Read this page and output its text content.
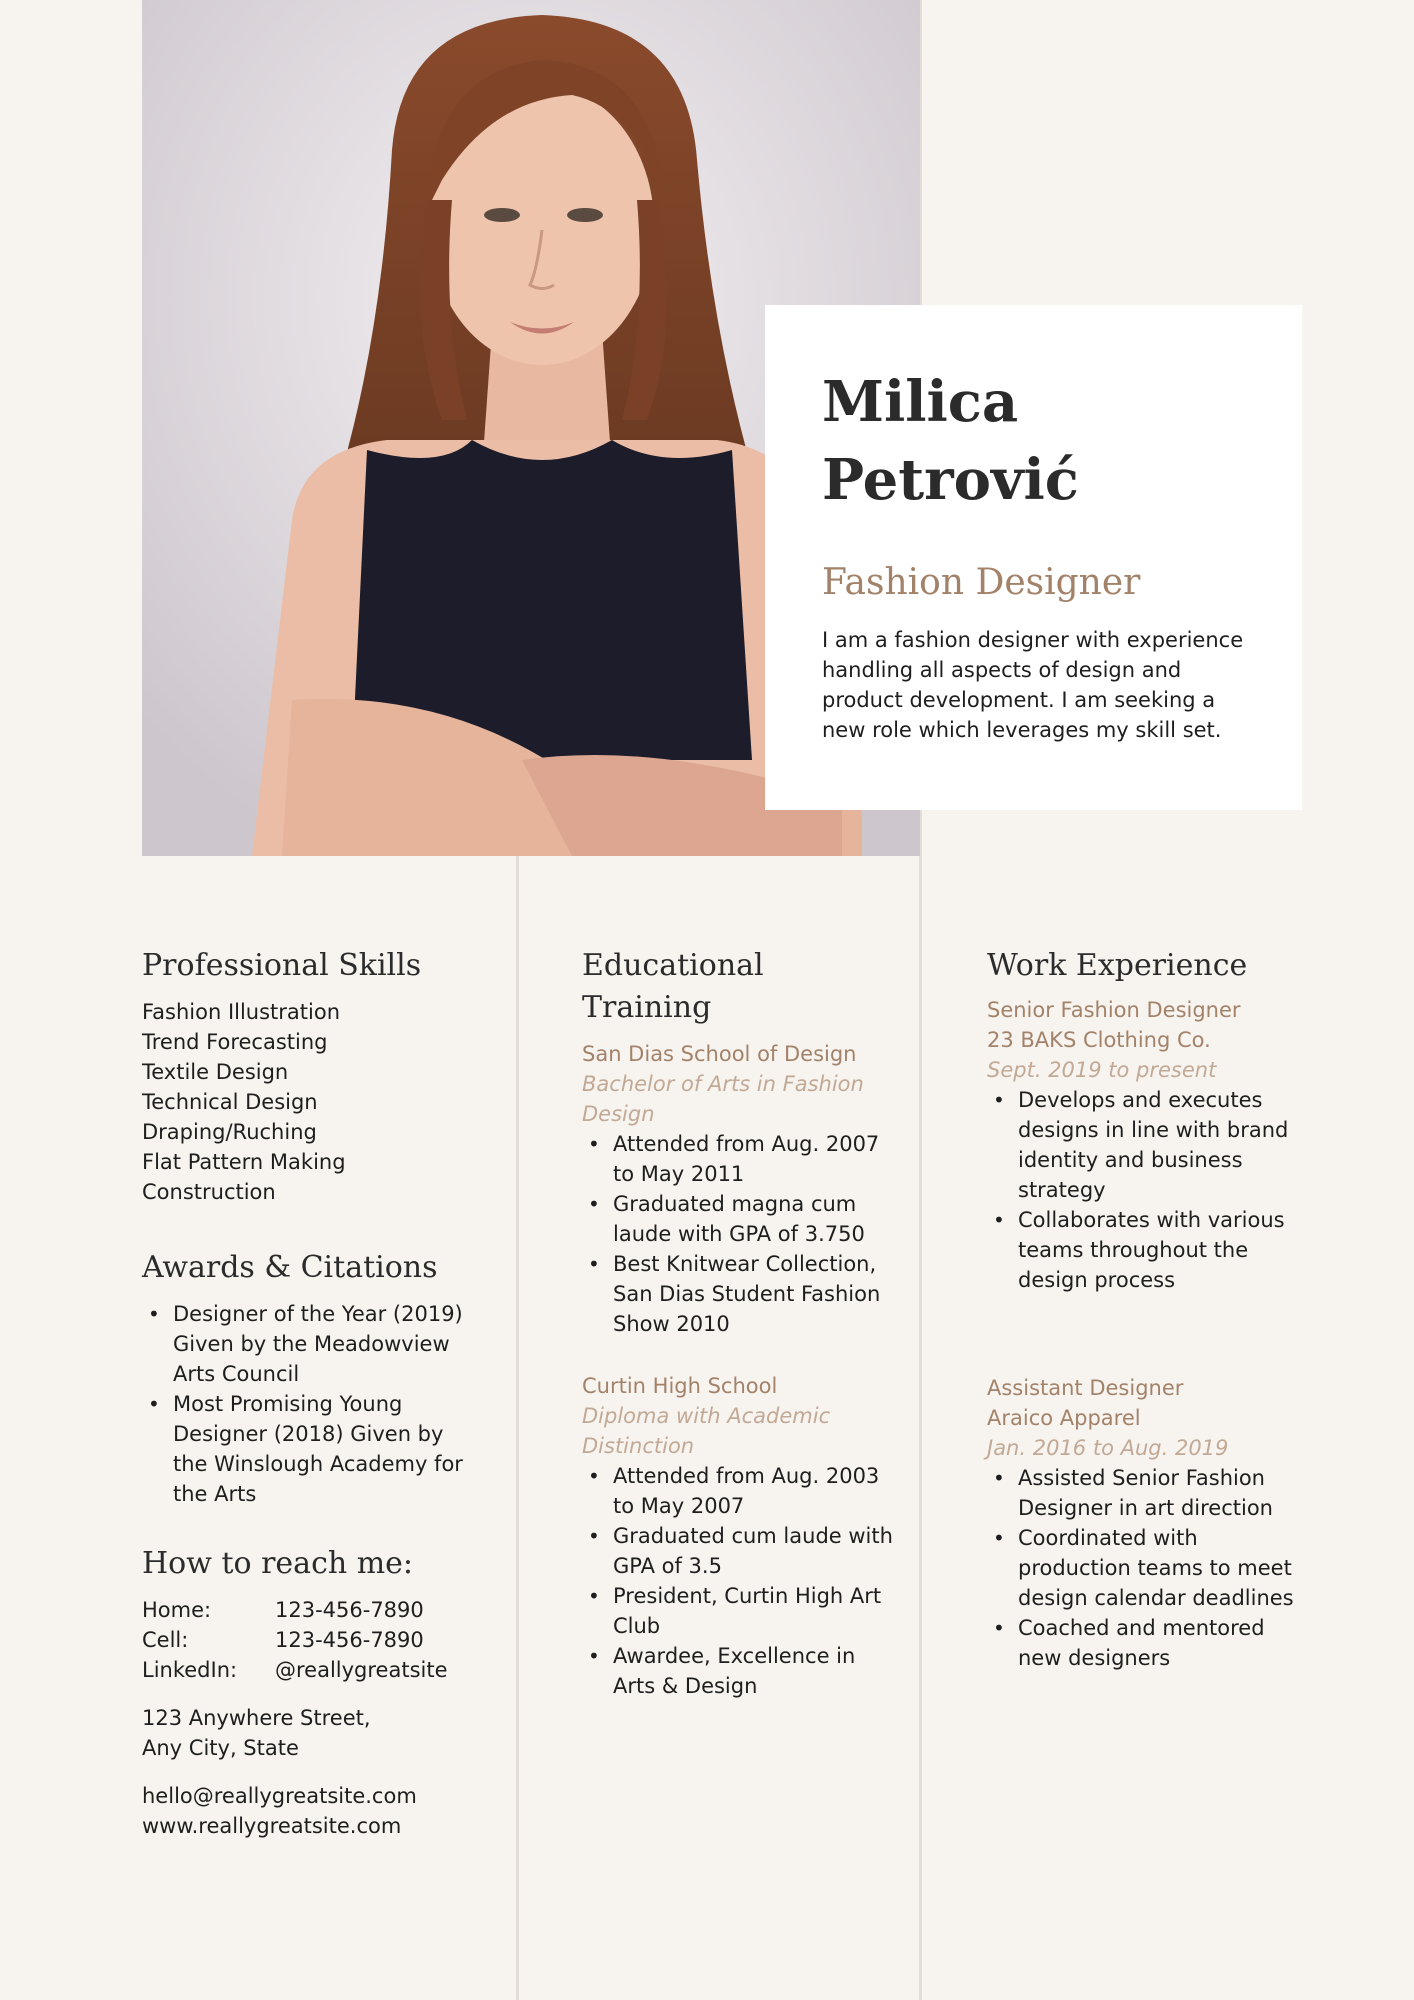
Milica
Petrović
Fashion Designer
I am a fashion designer with experience handling all aspects of design and product development. I am seeking a new role which leverages my skill set.
Professional Skills
Fashion Illustration
Trend Forecasting
Textile Design
Technical Design
Draping/Ruching
Flat Pattern Making
Construction
Awards & Citations
• Designer of the Year (2019) Given by the Meadowview Arts Council
• Most Promising Young Designer (2018) Given by the Winslough Academy for the Arts
How to reach me:
Home:	123-456-7890
Cell:	123-456-7890
LinkedIn:	@reallygreatsite
123 Anywhere Street,
Any City, State
hello@reallygreatsite.com
www.reallygreatsite.com
Educational
Training
San Dias School of Design
Bachelor of Arts in Fashion Design
• Attended from Aug. 2007 to May 2011
• Graduated magna cum laude with GPA of 3.750
• Best Knitwear Collection, San Dias Student Fashion Show 2010
Curtin High School
Diploma with Academic Distinction
• Attended from Aug. 2003 to May 2007
• Graduated cum laude with GPA of 3.5
• President, Curtin High Art Club
• Awardee, Excellence in Arts & Design
Work Experience
Senior Fashion Designer
23 BAKS Clothing Co.
Sept. 2019 to present
• Develops and executes designs in line with brand identity and business strategy
• Collaborates with various teams throughout the design process
Assistant Designer
Araico Apparel
Jan. 2016 to Aug. 2019
• Assisted Senior Fashion Designer in art direction
• Coordinated with production teams to meet design calendar deadlines
• Coached and mentored new designers
